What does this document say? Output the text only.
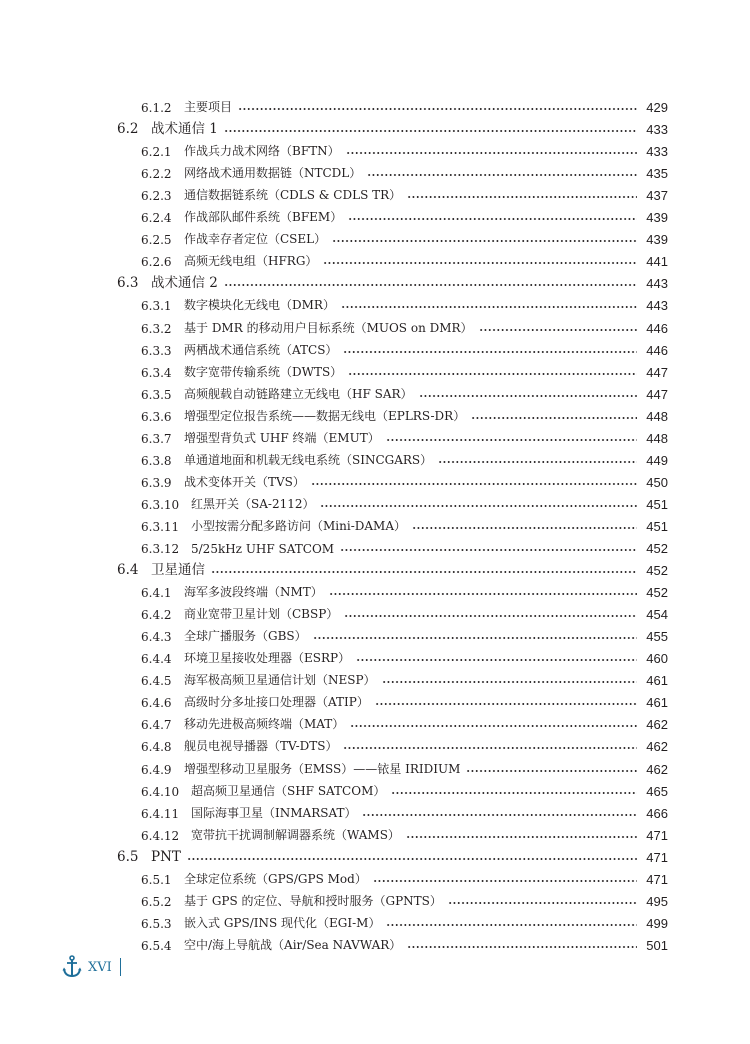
6.1.2	主要项目	429
6.2 战术通信 1	433
6.2.1	作战兵力战术网络（BFTN）	433
6.2.2	网络战术通用数据链（NTCDL）	435
6.2.3	通信数据链系统（CDLS & CDLS TR）	437
6.2.4	作战部队邮件系统（BFEM）	439
6.2.5	作战幸存者定位（CSEL）	439
6.2.6	高频无线电组（HFRG）	441
6.3 战术通信 2	443
6.3.1	数字模块化无线电（DMR）	443
6.3.2	基于 DMR 的移动用户目标系统（MUOS on DMR）	446
6.3.3	两栖战术通信系统（ATCS）	446
6.3.4	数字宽带传输系统（DWTS）	447
6.3.5	高频舰载自动链路建立无线电（HF SAR）	447
6.3.6	增强型定位报告系统——数据无线电（EPLRS-DR）	448
6.3.7	增强型背负式 UHF 终端（EMUT）	448
6.3.8	单通道地面和机载无线电系统（SINCGARS）	449
6.3.9	战术变体开关（TVS）	450
6.3.10 红黑开关（SA-2112）	451
6.3.11 小型按需分配多路访问（Mini-DAMA）	451
6.3.12 5/25kHz UHF SATCOM	452
6.4 卫星通信	452
6.4.1	海军多波段终端（NMT）	452
6.4.2	商业宽带卫星计划（CBSP）	454
6.4.3	全球广播服务（GBS）	455
6.4.4	环境卫星接收处理器（ESRP）	460
6.4.5	海军极高频卫星通信计划（NESP）	461
6.4.6	高级时分多址接口处理器（ATIP）	461
6.4.7	移动先进极高频终端（MAT）	462
6.4.8	舰员电视导播器（TV-DTS）	462
6.4.9	增强型移动卫星服务（EMSS）——铱星 IRIDIUM	462
6.4.10 超高频卫星通信（SHF SATCOM）	465
6.4.11 国际海事卫星（INMARSAT）	466
6.4.12 宽带抗干扰调制解调器系统（WAMS）	471
6.5 PNT	471
6.5.1	全球定位系统（GPS/GPS Mod）	471
6.5.2	基于 GPS 的定位、导航和授时服务（GPNTS）	495
6.5.3	嵌入式 GPS/INS 现代化（EGI-M）	499
6.5.4	空中/海上导航战（Air/Sea NAVWAR）	501
XVI
